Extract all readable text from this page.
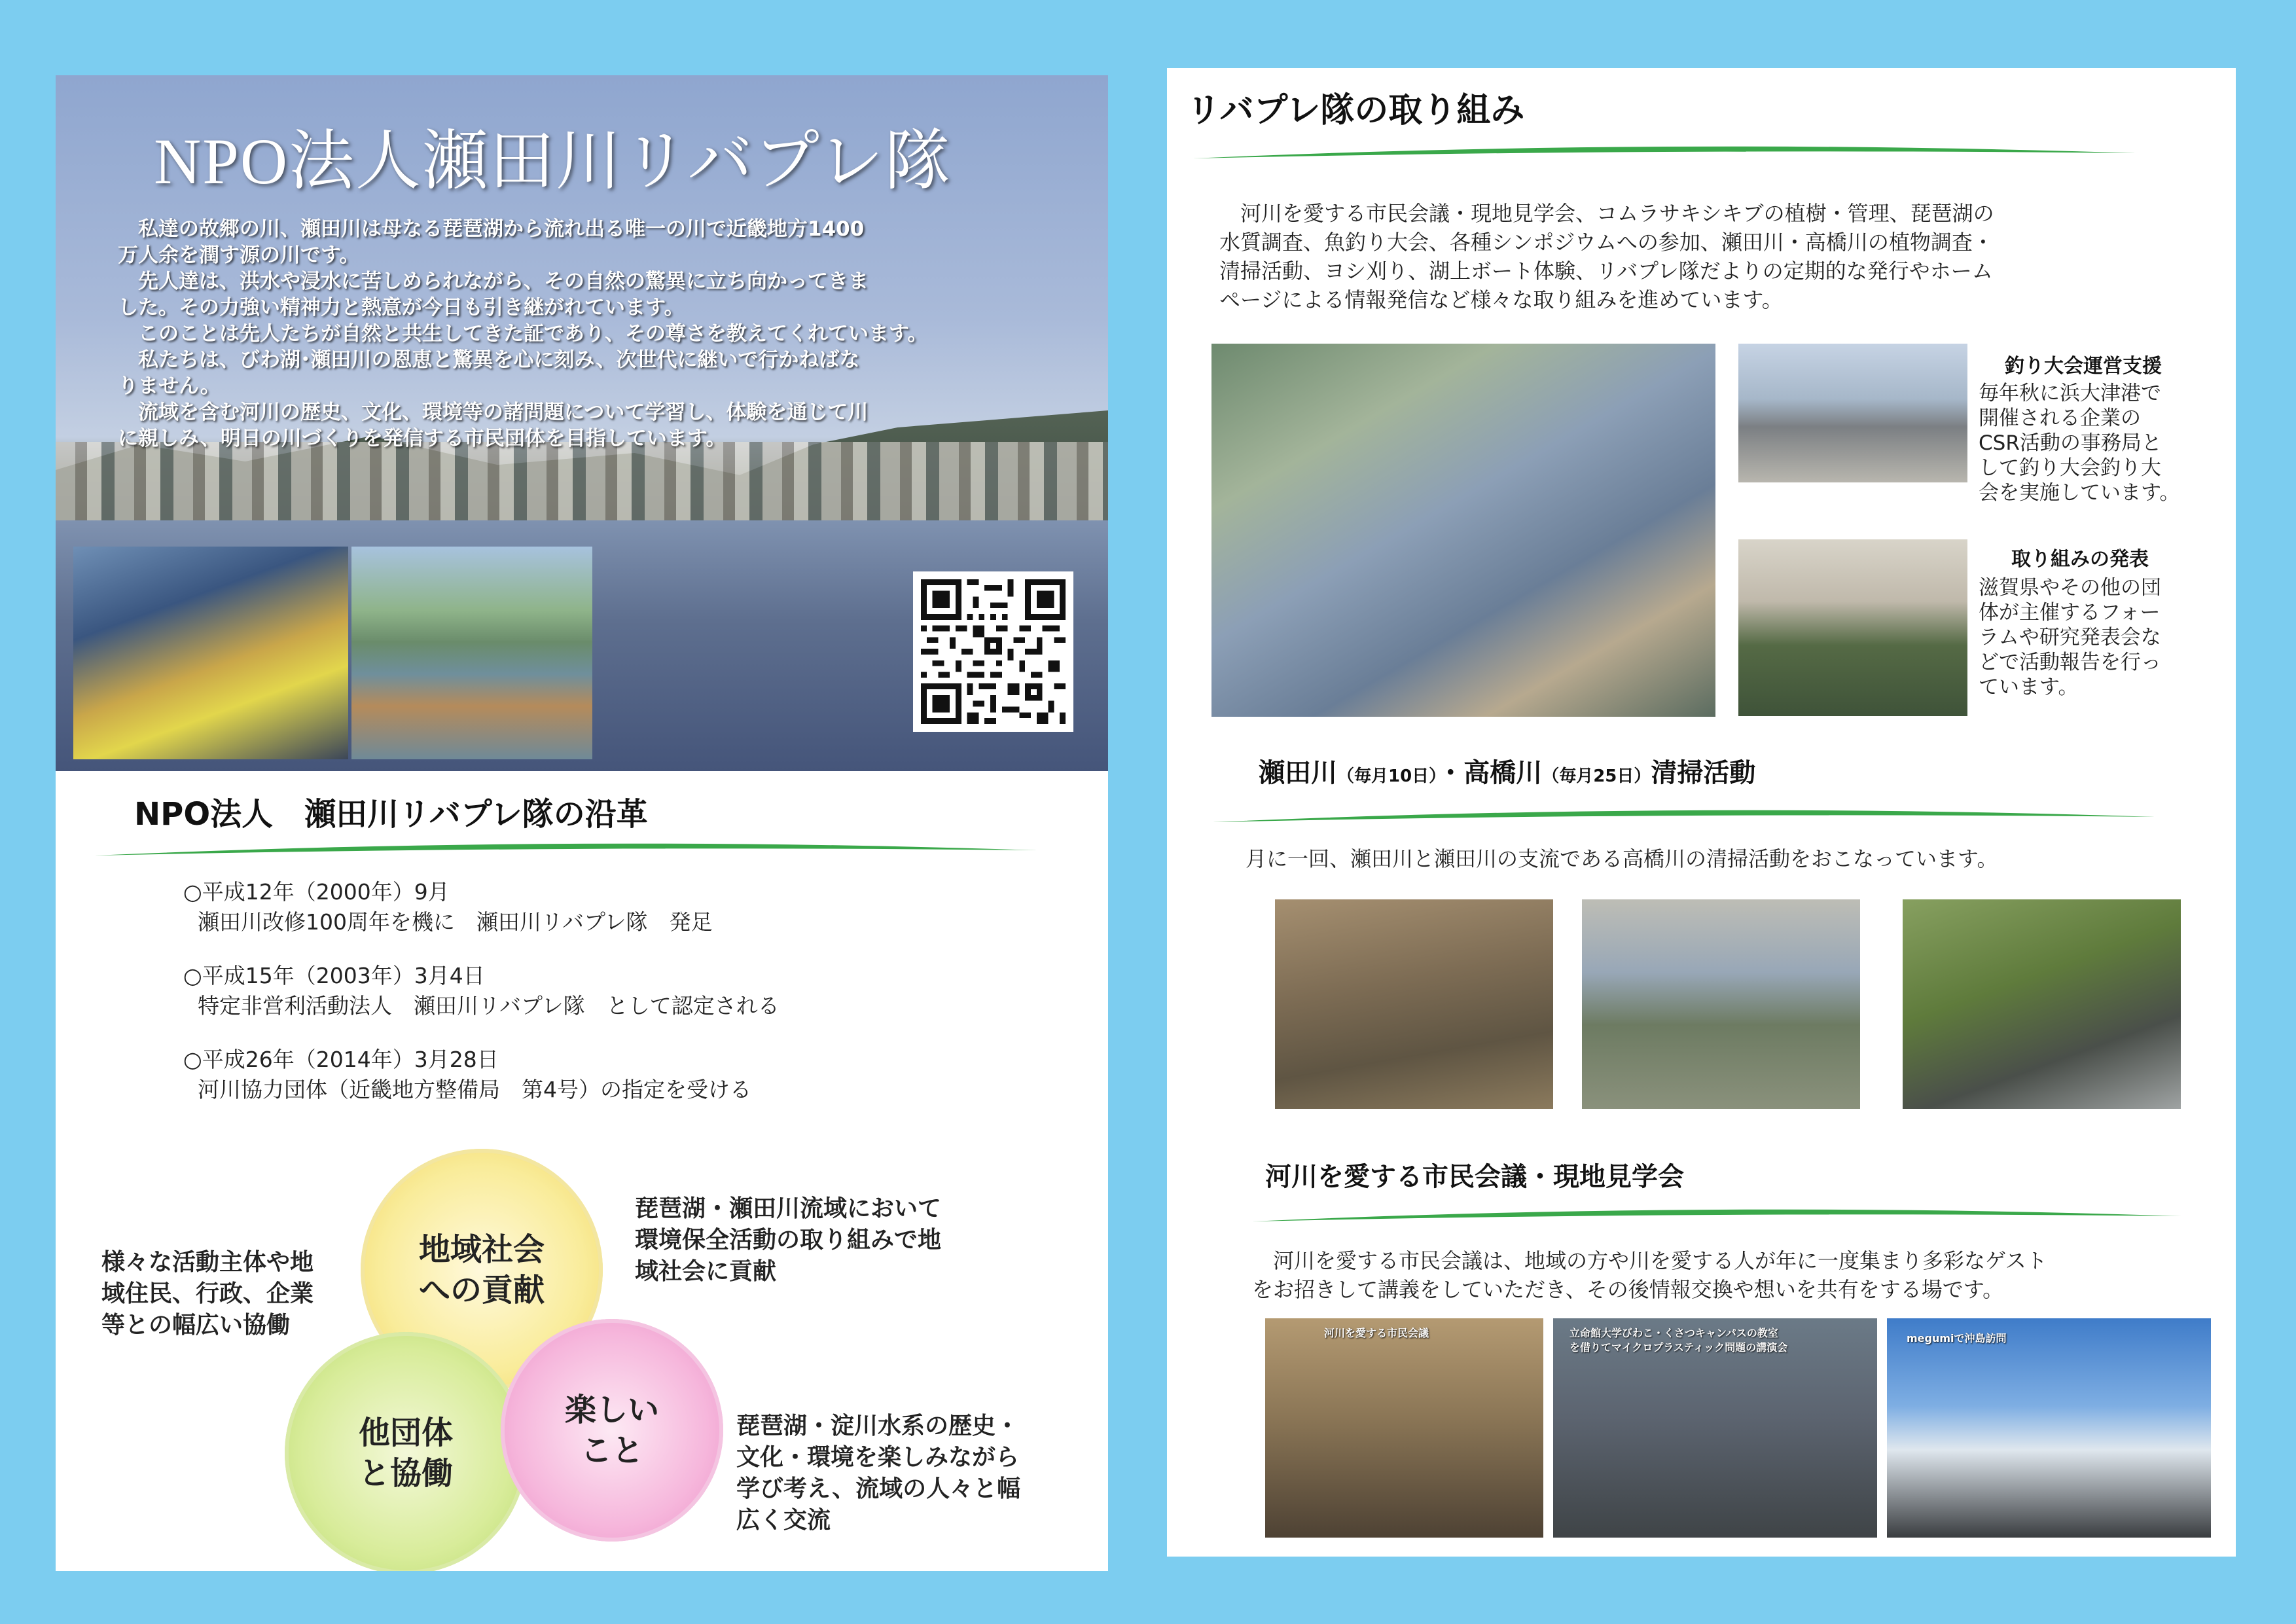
NPO法人瀬田川リバプレ隊

　私達の故郷の川、瀬田川は母なる琵琶湖から流れ出る唯一の川で近畿地方1400

万人余を潤す源の川です。

　先人達は、洪水や浸水に苦しめられながら、その自然の驚異に立ち向かってきま

した。その力強い精神力と熱意が今日も引き継がれています。

　このことは先人たちが自然と共生してきた証であり、その尊さを教えてくれています。

　私たちは、びわ湖･瀬田川の恩恵と驚異を心に刻み、次世代に継いで行かねばな

りません。

　流域を含む河川の歴史、文化、環境等の諸問題について学習し、体験を通じて川

に親しみ、明日の川づくりを発信する市民団体を目指しています。

NPO法人　瀬田川リバプレ隊の沿革
○平成12年（2000年）9月
瀬田川改修100周年を機に　瀬田川リバプレ隊　発足
○平成15年（2003年）3月4日
特定非営利活動法人　瀬田川リバプレ隊　として認定される
○平成26年（2014年）3月28日
河川協力団体（近畿地方整備局　第4号）の指定を受ける
地域社会
への貢献
他団体
と協働
楽しい
こと
琵琶湖・瀬田川流域において
環境保全活動の取り組みで地
域社会に貢献
様々な活動主体や地
域住民、行政、企業
等との幅広い協働
琵琶湖・淀川水系の歴史・
文化・環境を楽しみながら
学び考え、流域の人々と幅
広く交流
リバプレ隊の取り組み
　河川を愛する市民会議・現地見学会、コムラサキシキブの植樹・管理、琵琶湖の
水質調査、魚釣り大会、各種シンポジウムへの参加、瀬田川・高橋川の植物調査・
清掃活動、ヨシ刈り、湖上ボート体験、リバプレ隊だよりの定期的な発行やホーム
ページによる情報発信など様々な取り組みを進めています。
釣り大会運営支援
毎年秋に浜大津港で
開催される企業の
CSR活動の事務局と
して釣り大会釣り大
会を実施しています。
取り組みの発表
滋賀県やその他の団
体が主催するフォー
ラムや研究発表会な
どで活動報告を行っ
ています。
瀬田川（毎月10日）・高橋川（毎月25日）清掃活動
月に一回、瀬田川と瀬田川の支流である高橋川の清掃活動をおこなっています。
河川を愛する市民会議・現地見学会
　河川を愛する市民会議は、地域の方や川を愛する人が年に一度集まり多彩なゲスト
をお招きして講義をしていただき、その後情報交換や想いを共有をする場です。
河川を愛する市民会議	立命館大学びわこ・くさつキャンパスの教室
を借りてマイクロプラスティック問題の講演会
megumiで沖島訪問
